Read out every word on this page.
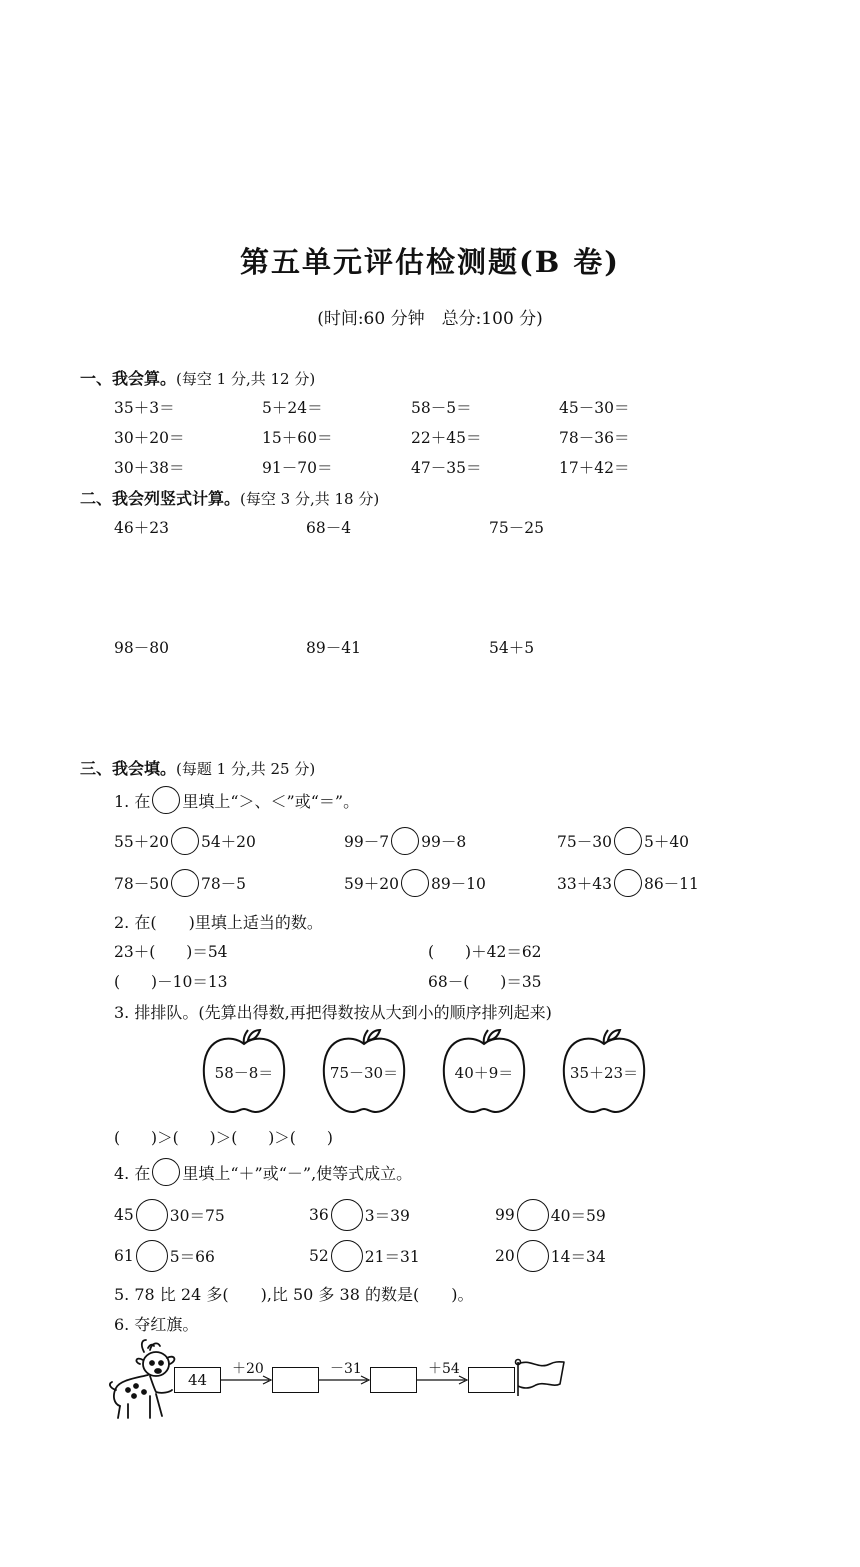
第五单元评估检测题(B 卷)
(时间:60 分钟　总分:100 分)
一、我会算。(每空 1 分,共 12 分)
35＋3＝	5＋24＝	58－5＝	45－30＝
30＋20＝	15＋60＝	22＋45＝	78－36＝
30＋38＝	91－70＝	47－35＝	17＋42＝
二、我会列竖式计算。(每空 3 分,共 18 分)
46＋23	68－4	75－25
98－80	89－41	54＋5
三、我会填。(每题 1 分,共 25 分)
1. 在 里填上“＞、＜”或“＝”。
55＋20 54＋20	99－7 99－8	75－30 5＋40
78－50 78－5	59＋20 89－10	33＋43 86－11
2. 在(　　)里填上适当的数。
23＋(　　)＝54	(　　)＋42＝62
(　　)－10＝13	68－(　　)＝35
3. 排排队。(先算出得数,再把得数按从大到小的顺序排列起来)
58－8＝	75－30＝	40＋9＝	35＋23＝
(　　)＞(　　)＞(　　)＞(　　)
4. 在 里填上“＋”或“－”,使等式成立。
45 30＝75	36 3＝39	99 40＝59
61 5＝66	52 21＝31	20 14＝34
5. 78 比 24 多(　　),比 50 多 38 的数是(　　)。
6. 夺红旗。
44
＋20	－31	＋54
